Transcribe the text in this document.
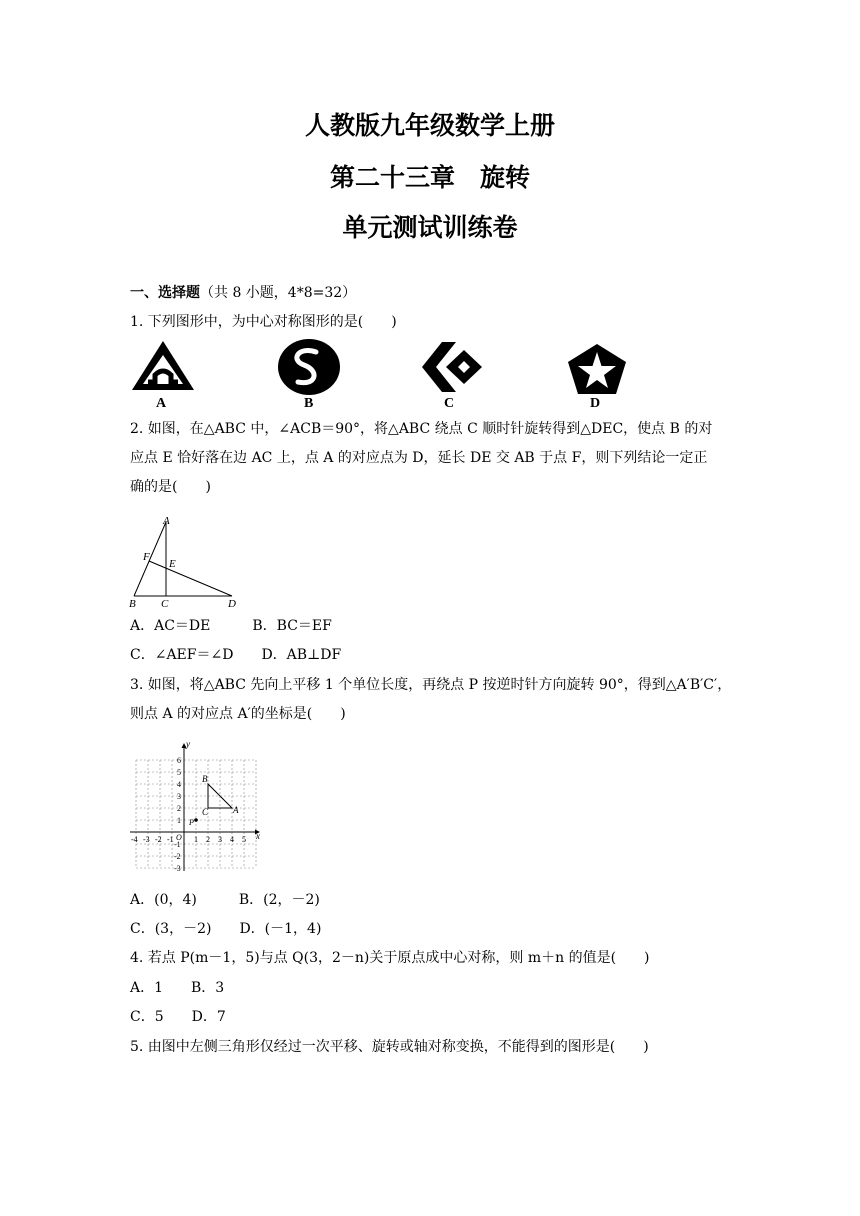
人教版九年级数学上册
第二十三章　旋转
单元测试训练卷
一、选择题（共 8 小题，4*8=32）
1. 下列图形中，为中心对称图形的是(　　)
A	B	C	D
2. 如图，在△ABC 中，∠ACB＝90°，将△ABC 绕点 C 顺时针旋转得到△DEC，使点 B 的对
应点 E 恰好落在边 AC 上，点 A 的对应点为 D，延长 DE 交 AB 于点 F，则下列结论一定正
确的是(　　)
A
F
E
B C	D
A．AC＝DE　　　B．BC＝EF
C．∠AEF＝∠D　　D．AB⊥DF
3. 如图，将△ABC 先向上平移 1 个单位长度，再绕点 P 按逆时针方向旋转 90°，得到△A′B′C′，
则点 A 的对应点 A′的坐标是(　　)
x
y
O
-4 -3 -2 -1	1 2 3 4 5
6
5
4
3
2
1
-1
-2
-3
B
C	A
P
A．(0，4)　　　B．(2，－2)
C．(3，－2)　　D．(－1，4)
4. 若点 P(m－1，5)与点 Q(3，2－n)关于原点成中心对称，则 m＋n 的值是(　　)
A．1　　B．3
C．5　　D．7
5. 由图中左侧三角形仅经过一次平移、旋转或轴对称变换，不能得到的图形是(　　)
